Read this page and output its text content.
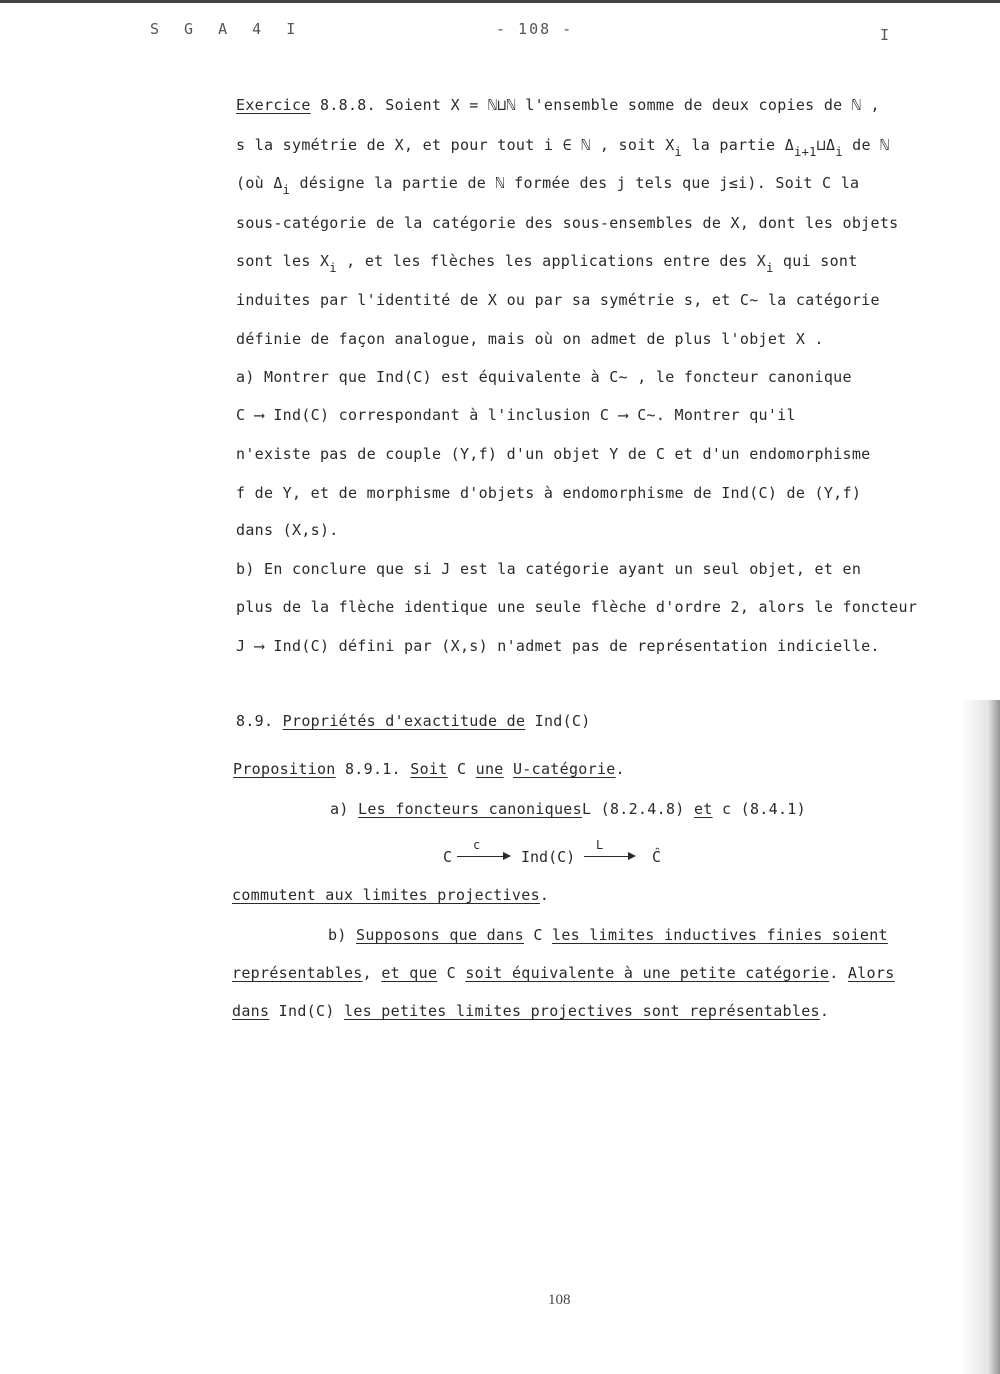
S G A 4 I	- 108 -	I
Exercice 8.8.8. Soient X = ℕ⊔ℕ l'ensemble somme de deux copies de ℕ ,
s la symétrie de X, et pour tout i ∈ ℕ , soit $X_i$ la partie $\Delta_{i+1}⊔\Delta_i$ de ℕ
(où $\Delta_i$ désigne la partie de ℕ formée des j tels que j≤i). Soit C la
sous-catégorie de la catégorie des sous-ensembles de X, dont les objets
sont les $X_i$ , et les flèches les applications entre des $X_i$ qui sont
induites par l'identité de X ou par sa symétrie s, et C~ la catégorie
définie de façon analogue, mais où on admet de plus l'objet X .
a) Montrer que Ind(C) est équivalente à C~ , le foncteur canonique
C ⟶ Ind(C) correspondant à l'inclusion C ⟶ C~. Montrer qu'il
n'existe pas de couple (Y,f) d'un objet Y de C et d'un endomorphisme
f de Y, et de morphisme d'objets à endomorphisme de Ind(C) de (Y,f)
dans (X,s).
b) En conclure que si J est la catégorie ayant un seul objet, et en
plus de la flèche identique une seule flèche d'ordre 2, alors le foncteur
J ⟶ Ind(C) défini par (X,s) n'admet pas de représentation indicielle.
8.9. Propriétés d'exactitude de Ind(C)
Proposition 8.9.1. Soit C une U-catégorie.
a) Les foncteurs canoniquesL (8.2.4.8) et c (8.4.1)
C
c
Ind(C)
L
Ĉ
commutent aux limites projectives.
b) Supposons que dans C les limites inductives finies soient
représentables, et que C soit équivalente à une petite catégorie. Alors
dans Ind(C) les petites limites projectives sont représentables.
108
